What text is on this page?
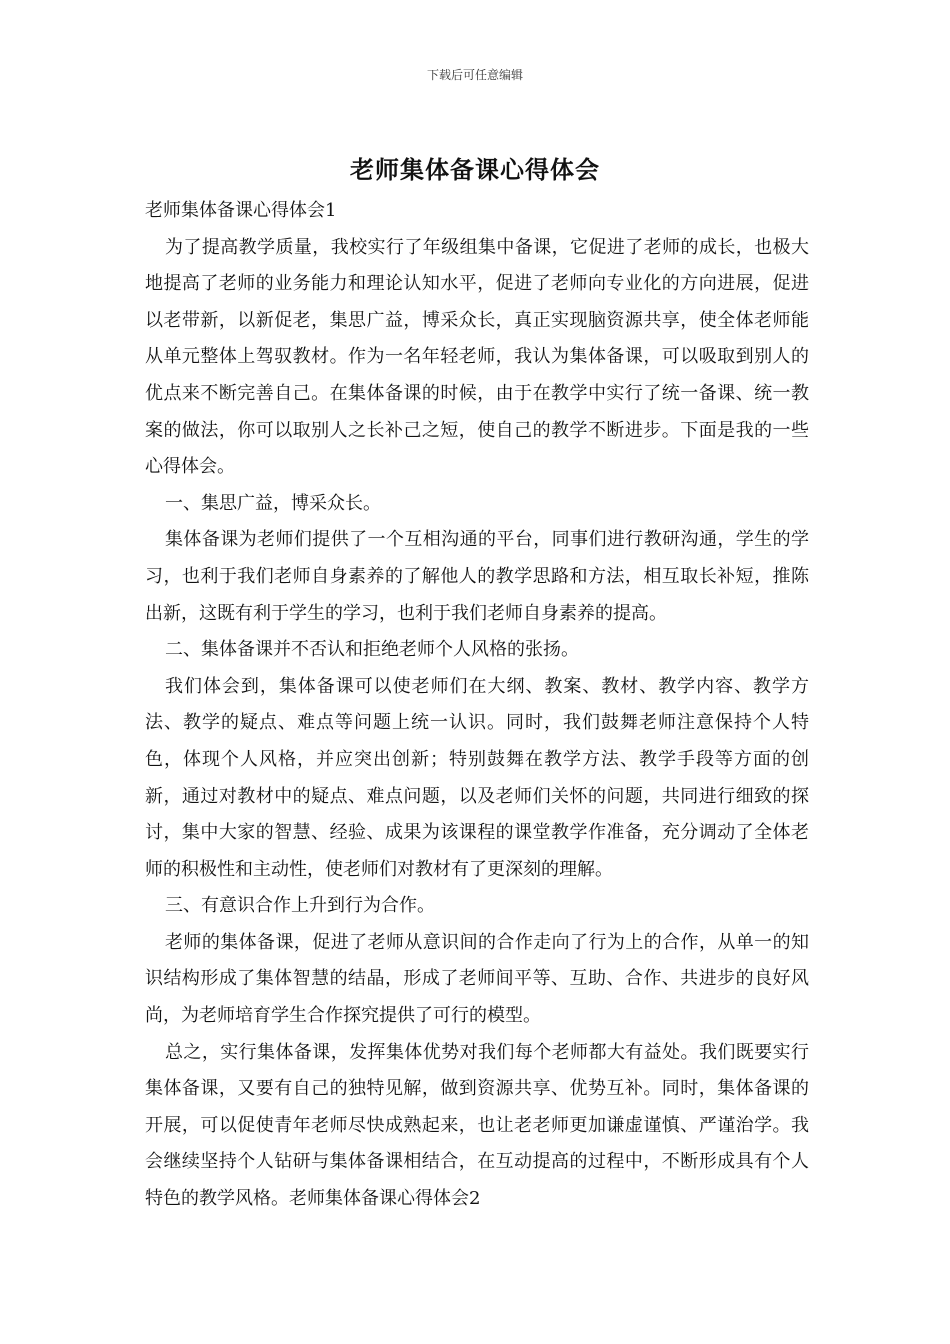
下载后可任意编辑
老师集体备课心得体会

老师集体备课心得体会1

为了提高教学质量，我校实行了年级组集中备课，它促进了老师的成长，也极大地提高了老师的业务能力和理论认知水平，促进了老师向专业化的方向进展，促进以老带新，以新促老，集思广益，博采众长，真正实现脑资源共享，使全体老师能从单元整体上驾驭教材。作为一名年轻老师，我认为集体备课，可以吸取到别人的优点来不断完善自己。在集体备课的时候，由于在教学中实行了统一备课、统一教案的做法，你可以取别人之长补己之短，使自己的教学不断进步。下面是我的一些心得体会。

一、集思广益，博采众长。

集体备课为老师们提供了一个互相沟通的平台，同事们进行教研沟通，学生的学习，也利于我们老师自身素养的了解他人的教学思路和方法，相互取长补短，推陈出新，这既有利于学生的学习，也利于我们老师自身素养的提高。

二、集体备课并不否认和拒绝老师个人风格的张扬。

我们体会到，集体备课可以使老师们在大纲、教案、教材、教学内容、教学方法、教学的疑点、难点等问题上统一认识。同时，我们鼓舞老师注意保持个人特色，体现个人风格，并应突出创新；特别鼓舞在教学方法、教学手段等方面的创新，通过对教材中的疑点、难点问题，以及老师们关怀的问题，共同进行细致的探讨，集中大家的智慧、经验、成果为该课程的课堂教学作准备，充分调动了全体老师的积极性和主动性，使老师们对教材有了更深刻的理解。

三、有意识合作上升到行为合作。

老师的集体备课，促进了老师从意识间的合作走向了行为上的合作，从单一的知识结构形成了集体智慧的结晶，形成了老师间平等、互助、合作、共进步的良好风尚，为老师培育学生合作探究提供了可行的模型。

总之，实行集体备课，发挥集体优势对我们每个老师都大有益处。我们既要实行集体备课，又要有自己的独特见解，做到资源共享、优势互补。同时，集体备课的开展，可以促使青年老师尽快成熟起来，也让老老师更加谦虚谨慎、严谨治学。我会继续坚持个人钻研与集体备课相结合，在互动提高的过程中，不断形成具有个人特色的教学风格。老师集体备课心得体会2
